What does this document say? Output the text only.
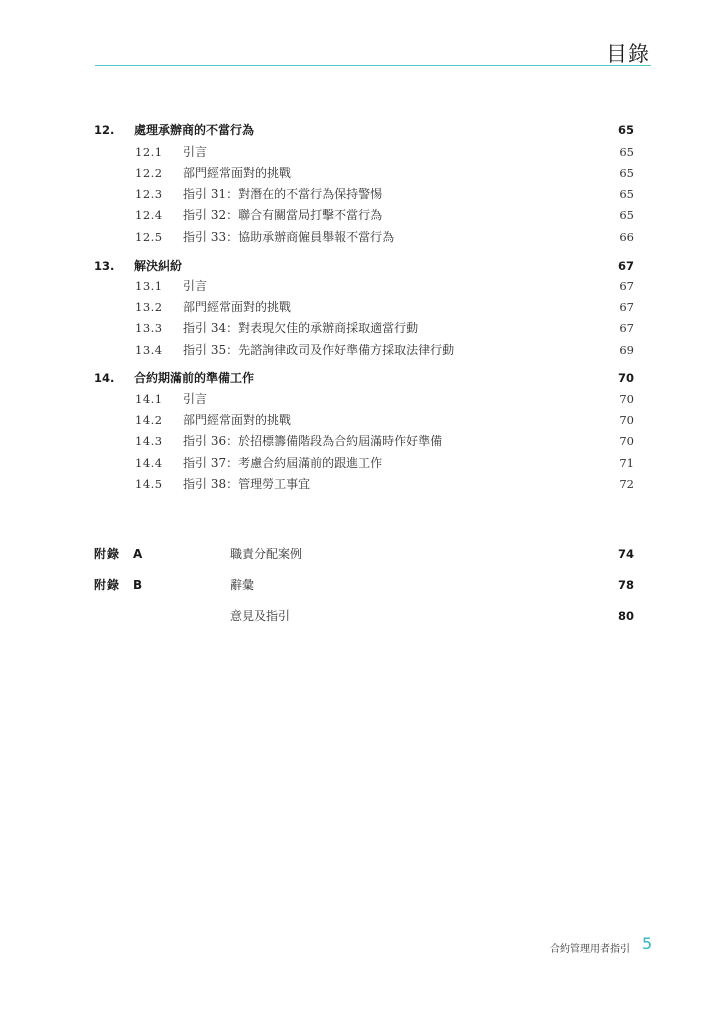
目錄
12. 處理承辦商的不當行為	65
12.1 引言	65
12.2 部門經常面對的挑戰	65
12.3 指引 31：對潛在的不當行為保持警惕	65
12.4 指引 32：聯合有關當局打擊不當行為	65
12.5 指引 33：協助承辦商僱員舉報不當行為	66
13. 解決糾紛	67
13.1 引言	67
13.2 部門經常面對的挑戰	67
13.3 指引 34：對表現欠佳的承辦商採取適當行動	67
13.4 指引 35：先諮詢律政司及作好準備方採取法律行動	69
14. 合約期滿前的準備工作	70
14.1 引言	70
14.2 部門經常面對的挑戰	70
14.3 指引 36：於招標籌備階段為合約屆滿時作好準備	70
14.4 指引 37：考慮合約屆滿前的跟進工作	71
14.5 指引 38：管理勞工事宜	72
附錄　A	職責分配案例	74
附錄　B	辭彙	78
意見及指引	80
合約管理用者指引 5
